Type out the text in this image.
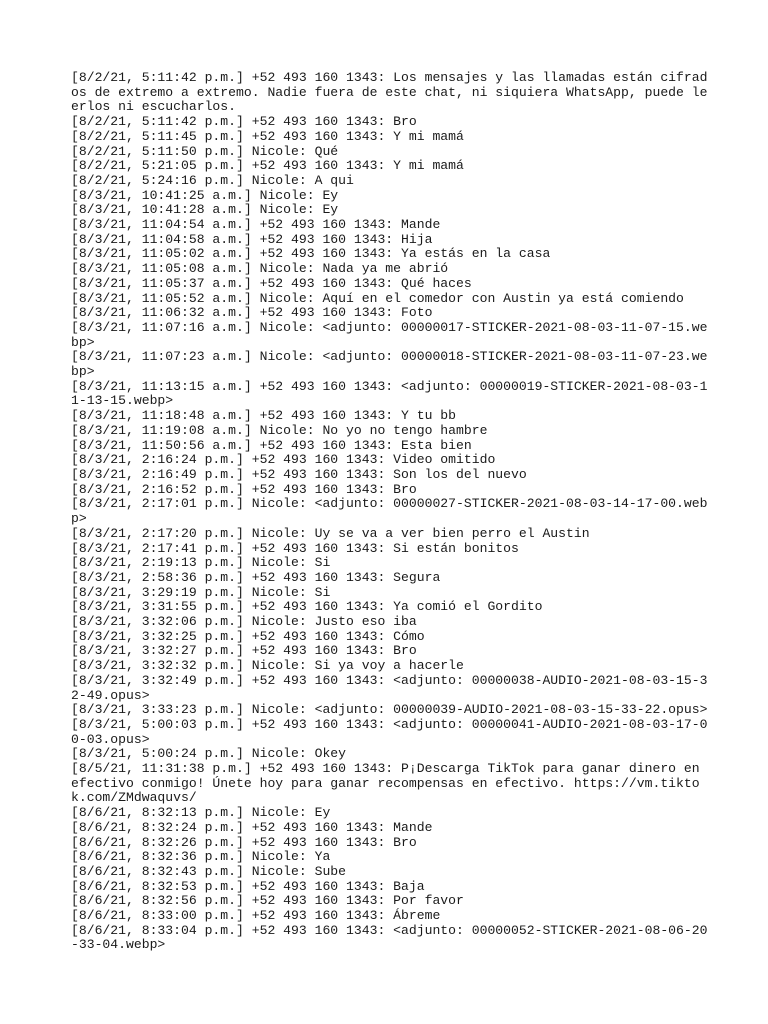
[8/2/21, 5:11:42 p.m.] +52 493 160 1343: Los mensajes y las llamadas están cifrados de extremo a extremo. Nadie fuera de este chat, ni siquiera WhatsApp, puede leerlos ni escucharlos.

[8/2/21, 5:11:42 p.m.] +52 493 160 1343: Bro

[8/2/21, 5:11:45 p.m.] +52 493 160 1343: Y mi mamá

[8/2/21, 5:11:50 p.m.] Nicole: Qué

[8/2/21, 5:21:05 p.m.] +52 493 160 1343: Y mi mamá

[8/2/21, 5:24:16 p.m.] Nicole: A qui

[8/3/21, 10:41:25 a.m.] Nicole: Ey

[8/3/21, 10:41:28 a.m.] Nicole: Ey

[8/3/21, 11:04:54 a.m.] +52 493 160 1343: Mande

[8/3/21, 11:04:58 a.m.] +52 493 160 1343: Hija

[8/3/21, 11:05:02 a.m.] +52 493 160 1343: Ya estás en la casa

[8/3/21, 11:05:08 a.m.] Nicole: Nada ya me abrió

[8/3/21, 11:05:37 a.m.] +52 493 160 1343: Qué haces

[8/3/21, 11:05:52 a.m.] Nicole: Aquí en el comedor con Austin ya está comiendo

[8/3/21, 11:06:32 a.m.] +52 493 160 1343: Foto

[8/3/21, 11:07:16 a.m.] Nicole: <adjunto: 00000017-STICKER-2021-08-03-11-07-15.webp>

[8/3/21, 11:07:23 a.m.] Nicole: <adjunto: 00000018-STICKER-2021-08-03-11-07-23.webp>

[8/3/21, 11:13:15 a.m.] +52 493 160 1343: <adjunto: 00000019-STICKER-2021-08-03-11-13-15.webp>

[8/3/21, 11:18:48 a.m.] +52 493 160 1343: Y tu bb

[8/3/21, 11:19:08 a.m.] Nicole: No yo no tengo hambre

[8/3/21, 11:50:56 a.m.] +52 493 160 1343: Esta bien

[8/3/21, 2:16:24 p.m.] +52 493 160 1343: Video omitido

[8/3/21, 2:16:49 p.m.] +52 493 160 1343: Son los del nuevo

[8/3/21, 2:16:52 p.m.] +52 493 160 1343: Bro

[8/3/21, 2:17:01 p.m.] Nicole: <adjunto: 00000027-STICKER-2021-08-03-14-17-00.webp>

[8/3/21, 2:17:20 p.m.] Nicole: Uy se va a ver bien perro el Austin

[8/3/21, 2:17:41 p.m.] +52 493 160 1343: Si están bonitos

[8/3/21, 2:19:13 p.m.] Nicole: Si

[8/3/21, 2:58:36 p.m.] +52 493 160 1343: Segura

[8/3/21, 3:29:19 p.m.] Nicole: Si

[8/3/21, 3:31:55 p.m.] +52 493 160 1343: Ya comió el Gordito

[8/3/21, 3:32:06 p.m.] Nicole: Justo eso iba

[8/3/21, 3:32:25 p.m.] +52 493 160 1343: Cómo

[8/3/21, 3:32:27 p.m.] +52 493 160 1343: Bro

[8/3/21, 3:32:32 p.m.] Nicole: Si ya voy a hacerle

[8/3/21, 3:32:49 p.m.] +52 493 160 1343: <adjunto: 00000038-AUDIO-2021-08-03-15-32-49.opus>

[8/3/21, 3:33:23 p.m.] Nicole: <adjunto: 00000039-AUDIO-2021-08-03-15-33-22.opus>

[8/3/21, 5:00:03 p.m.] +52 493 160 1343: <adjunto: 00000041-AUDIO-2021-08-03-17-00-03.opus>

[8/3/21, 5:00:24 p.m.] Nicole: Okey

[8/5/21, 11:31:38 p.m.] +52 493 160 1343: P¡Descarga TikTok para ganar dinero en efectivo conmigo! Únete hoy para ganar recompensas en efectivo. https://vm.tiktok.com/ZMdwaquvs/

[8/6/21, 8:32:13 p.m.] Nicole: Ey

[8/6/21, 8:32:24 p.m.] +52 493 160 1343: Mande

[8/6/21, 8:32:26 p.m.] +52 493 160 1343: Bro

[8/6/21, 8:32:36 p.m.] Nicole: Ya

[8/6/21, 8:32:43 p.m.] Nicole: Sube

[8/6/21, 8:32:53 p.m.] +52 493 160 1343: Baja

[8/6/21, 8:32:56 p.m.] +52 493 160 1343: Por favor

[8/6/21, 8:33:00 p.m.] +52 493 160 1343: Ábreme

[8/6/21, 8:33:04 p.m.] +52 493 160 1343: <adjunto: 00000052-STICKER-2021-08-06-20-33-04.webp>
